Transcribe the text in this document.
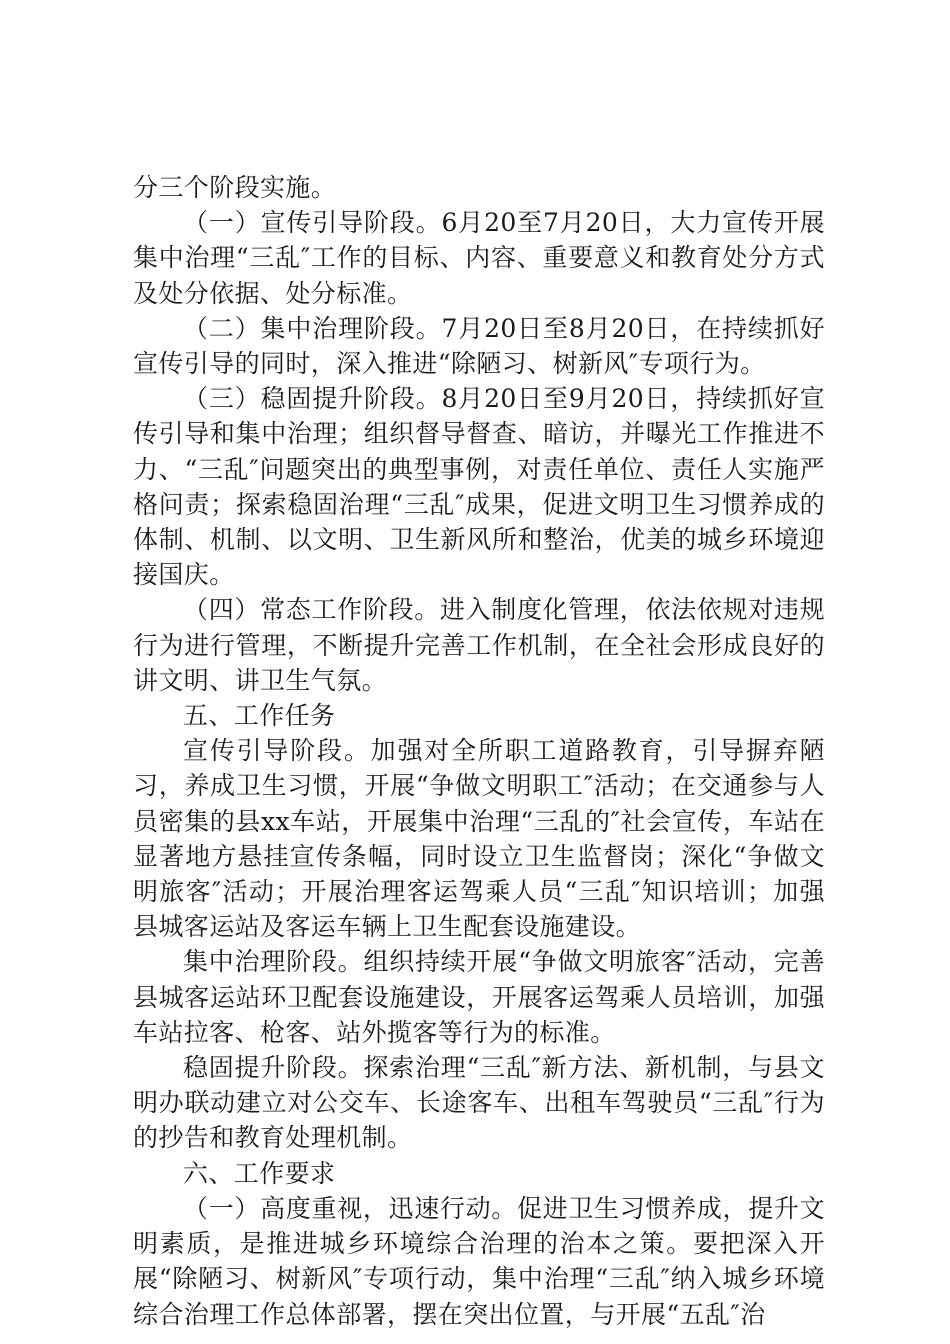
分三个阶段实施。

（一）宣传引导阶段。6月20至7月20日，大力宣传开展集中治理“三乱″工作的目标、内容、重要意义和教育处分方式及处分依据、处分标准。

（二）集中治理阶段。7月20日至8月20日，在持续抓好宣传引导的同时，深入推进“除陋习、树新风″专项行为。

（三）稳固提升阶段。8月20日至9月20日，持续抓好宣传引导和集中治理；组织督导督查、暗访，并曝光工作推进不力、“三乱″问题突出的典型事例，对责任单位、责任人实施严格问责；探索稳固治理“三乱″成果，促进文明卫生习惯养成的体制、机制、以文明、卫生新风所和整治，优美的城乡环境迎接国庆。

（四）常态工作阶段。进入制度化管理，依法依规对违规行为进行管理，不断提升完善工作机制，在全社会形成良好的讲文明、讲卫生气氛。

五、工作任务

宣传引导阶段。加强对全所职工道路教育，引导摒弃陋习，养成卫生习惯，开展“争做文明职工″活动；在交通参与人员密集的县xx车站，开展集中治理“三乱的″社会宣传，车站在显著地方悬挂宣传条幅，同时设立卫生监督岗；深化“争做文明旅客″活动；开展治理客运驾乘人员“三乱″知识培训；加强县城客运站及客运车辆上卫生配套设施建设。

集中治理阶段。组织持续开展“争做文明旅客″活动，完善县城客运站环卫配套设施建设，开展客运驾乘人员培训，加强车站拉客、枪客、站外揽客等行为的标准。

稳固提升阶段。探索治理“三乱″新方法、新机制，与县文明办联动建立对公交车、长途客车、出租车驾驶员“三乱″行为的抄告和教育处理机制。

六、工作要求

（一）高度重视，迅速行动。促进卫生习惯养成，提升文明素质，是推进城乡环境综合治理的治本之策。要把深入开展“除陋习、树新风″专项行动，集中治理“三乱″纳入城乡环境综合治理工作总体部署，摆在突出位置，与开展“五乱″治
